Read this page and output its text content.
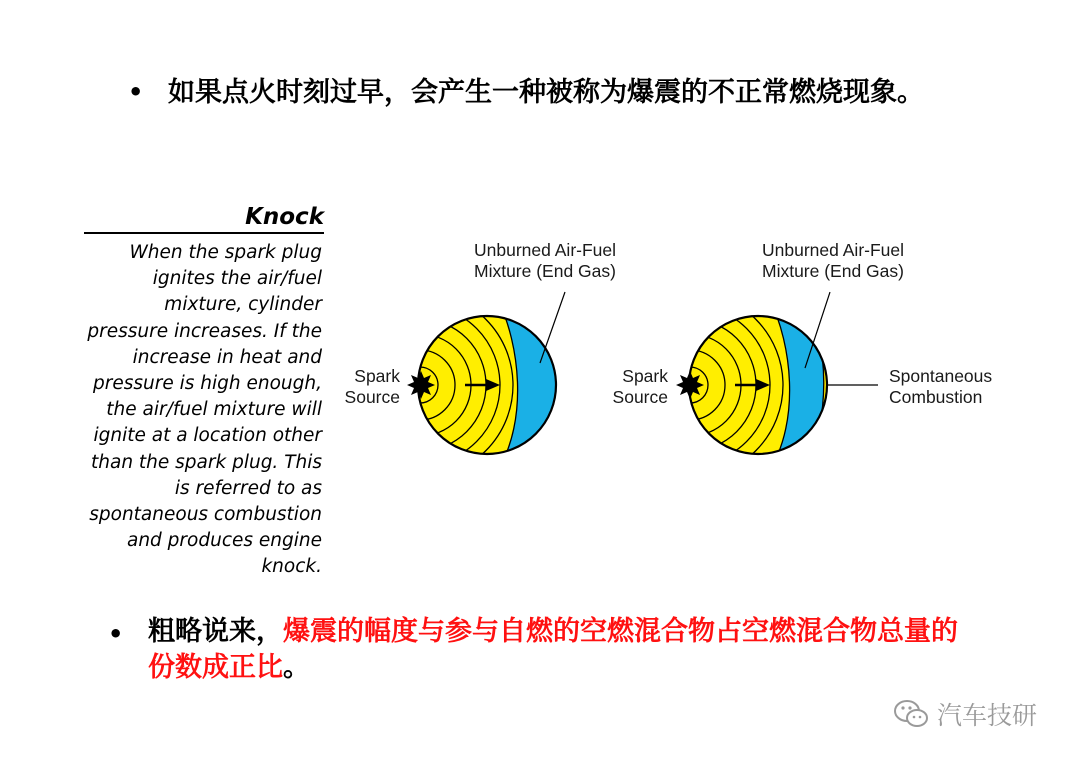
• 如果点火时刻过早，会产生一种被称为爆震的不正常燃烧现象。
Knock
When the spark plug
ignites the air/fuel
mixture, cylinder
pressure increases. If the
increase in heat and
pressure is high enough,
the air/fuel mixture will
ignite at a location other
than the spark plug. This
is referred to as
spontaneous combustion
and produces engine
knock.
Unburned Air-Fuel
Mixture (End Gas)
Spark
Source
Unburned Air-Fuel
Mixture (End Gas)
Spark
Source
Spontaneous
Combustion
• 粗略说来，爆震的幅度与参与自燃的空燃混合物占空燃混合物总量的份数成正比。
汽车技研
